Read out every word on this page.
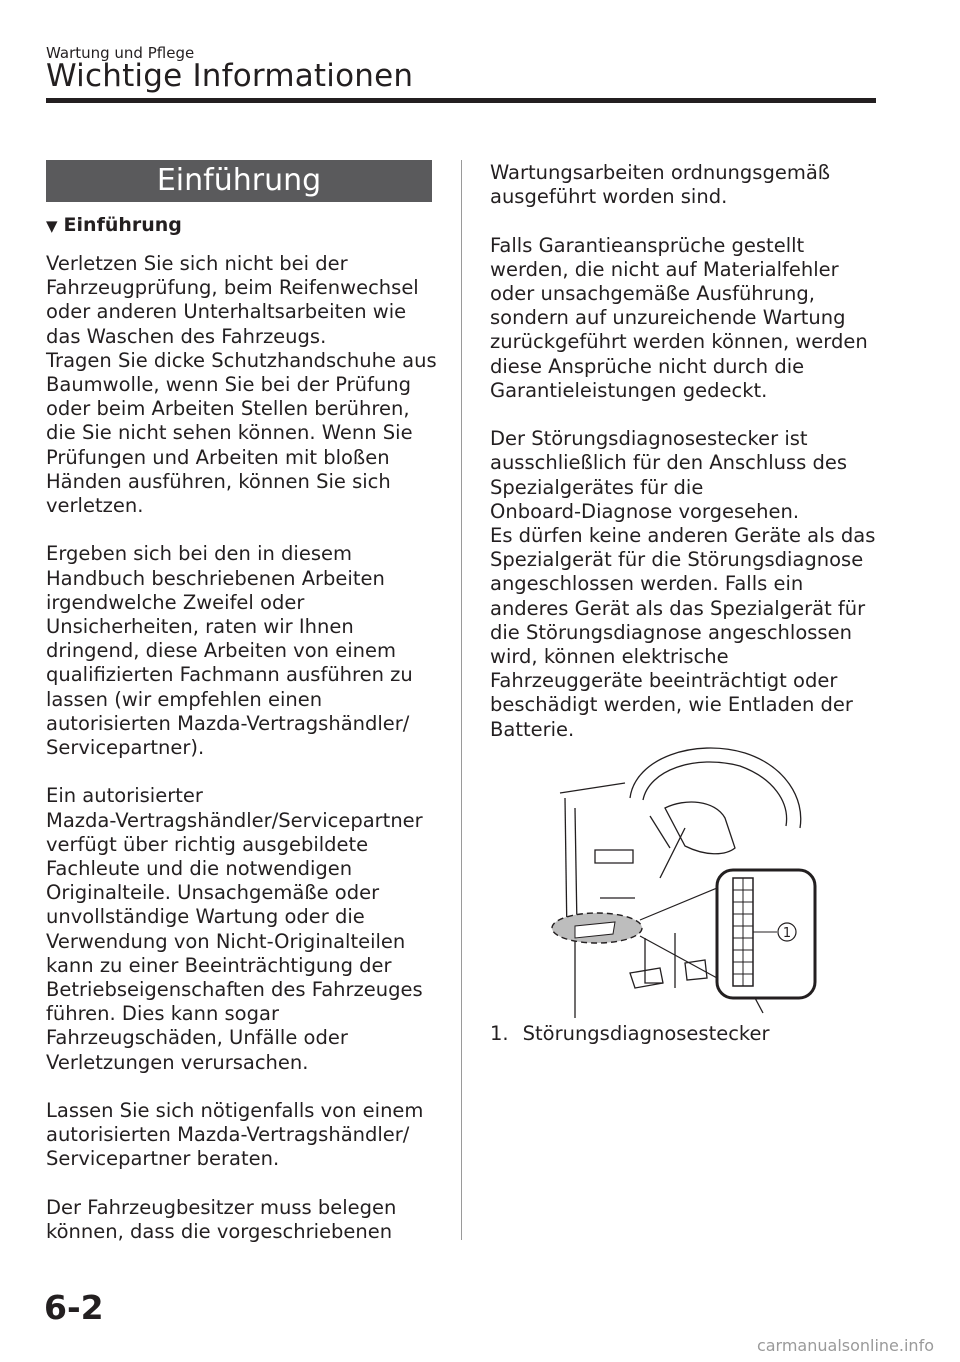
Wartung und Pflege
Wichtige Informationen
Einführung
▼ Einführung

Verletzen Sie sich nicht bei der
Fahrzeugprüfung, beim Reifenwechsel
oder anderen Unterhaltsarbeiten wie
das Waschen des Fahrzeugs.
Tragen Sie dicke Schutzhandschuhe aus
Baumwolle, wenn Sie bei der Prüfung
oder beim Arbeiten Stellen berühren,
die Sie nicht sehen können. Wenn Sie
Prüfungen und Arbeiten mit bloßen
Händen ausführen, können Sie sich
verletzen.

Ergeben sich bei den in diesem
Handbuch beschriebenen Arbeiten
irgendwelche Zweifel oder
Unsicherheiten, raten wir Ihnen
dringend, diese Arbeiten von einem
qualifizierten Fachmann ausführen zu
lassen (wir empfehlen einen
autorisierten Mazda-Vertragshändler/
Servicepartner).

Ein autorisierter
Mazda-Vertragshändler/Servicepartner
verfügt über richtig ausgebildete
Fachleute und die notwendigen
Originalteile. Unsachgemäße oder
unvollständige Wartung oder die
Verwendung von Nicht-Originalteilen
kann zu einer Beeinträchtigung der
Betriebseigenschaften des Fahrzeuges
führen. Dies kann sogar
Fahrzeugschäden, Unfälle oder
Verletzungen verursachen.

Lassen Sie sich nötigenfalls von einem
autorisierten Mazda-Vertragshändler/
Servicepartner beraten.

Der Fahrzeugbesitzer muss belegen
können, dass die vorgeschriebenen

Wartungsarbeiten ordnungsgemäß
ausgeführt worden sind.

Falls Garantieansprüche gestellt
werden, die nicht auf Materialfehler
oder unsachgemäße Ausführung,
sondern auf unzureichende Wartung
zurückgeführt werden können, werden
diese Ansprüche nicht durch die
Garantieleistungen gedeckt.

Der Störungsdiagnosestecker ist
ausschließlich für den Anschluss des
Spezialgerätes für die
Onboard-Diagnose vorgesehen.
Es dürfen keine anderen Geräte als das
Spezialgerät für die Störungsdiagnose
angeschlossen werden. Falls ein
anderes Gerät als das Spezialgerät für
die Störungsdiagnose angeschlossen
wird, können elektrische
Fahrzeuggeräte beeinträchtigt oder
beschädigt werden, wie Entladen der
Batterie.

1
1. Störungsdiagnosestecker
6-2
carmanualsonline.info
